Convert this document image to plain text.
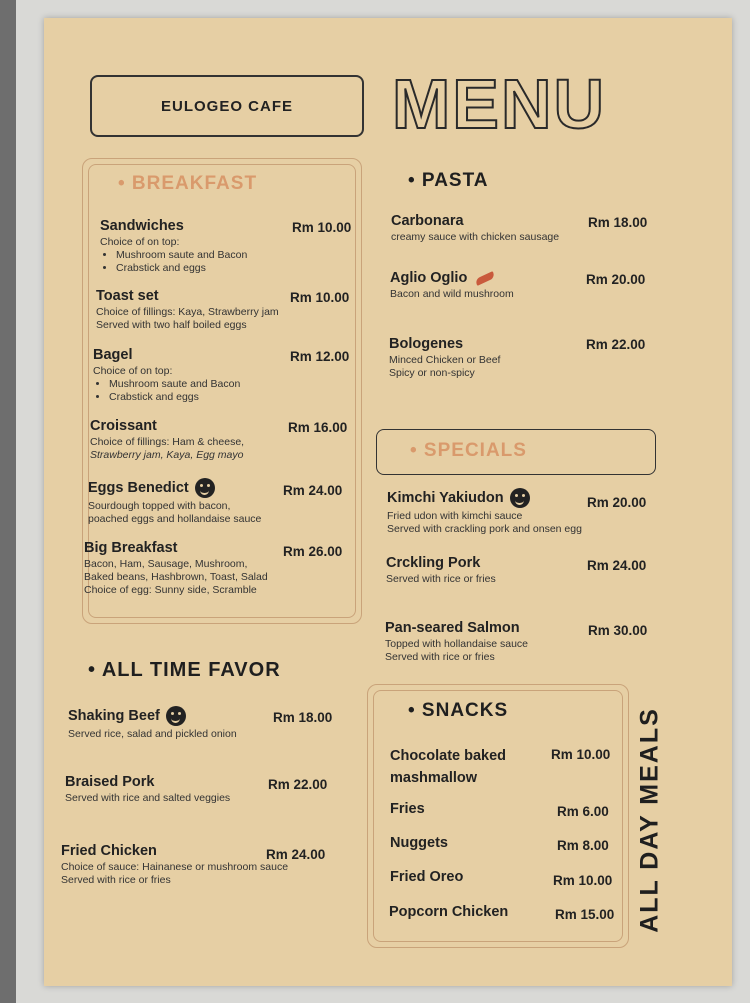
EULOGEO CAFE MENU
• BREAKFAST
Sandwiches
Choice of on top:
• Mushroom saute and Bacon
• Crabstick and eggs
Rm 10.00
Toast set
Choice of fillings: Kaya, Strawberry jam
Served with two half boiled eggs
Rm 10.00
Bagel
Choice of on top:
• Mushroom saute and Bacon
• Crabstick and eggs
Rm 12.00
Croissant
Choice of fillings: Ham & cheese,
Strawberry jam, Kaya, Egg mayo
Rm 16.00
Eggs Benedict
Sourdough topped with bacon,
poached eggs and hollandaise sauce
Rm 24.00
Big Breakfast
Bacon, Ham, Sausage, Mushroom,
Baked beans, Hashbrown, Toast, Salad
Choice of egg: Sunny side, Scramble
Rm 26.00
• ALL TIME FAVOR
Shaking Beef
Served rice, salad and pickled onion
Rm 18.00
Braised Pork
Served with rice and salted veggies
Rm 22.00
Fried Chicken
Choice of sauce: Hainanese or mushroom sauce
Served with rice or fries
Rm 24.00
• PASTA
Carbonara
creamy sauce with chicken sausage
Rm 18.00
Aglio Oglio
Bacon and wild mushroom
Rm 20.00
Bologenes
Minced Chicken or Beef
Spicy or non-spicy
Rm 22.00
• SPECIALS
Kimchi Yakiudon
Fried udon with kimchi sauce
Served with crackling pork and onsen egg
Rm 20.00
Crckling Pork
Served with rice or fries
Rm 24.00
Pan-seared Salmon
Topped with hollandaise sauce
Served with rice or fries
Rm 30.00
• SNACKS
Chocolate baked mashmallow
Rm 10.00
Fries	Rm 6.00
Nuggets	Rm 8.00
Fried Oreo	Rm 10.00
Popcorn Chicken	Rm 15.00 ALL DAY MEALS
